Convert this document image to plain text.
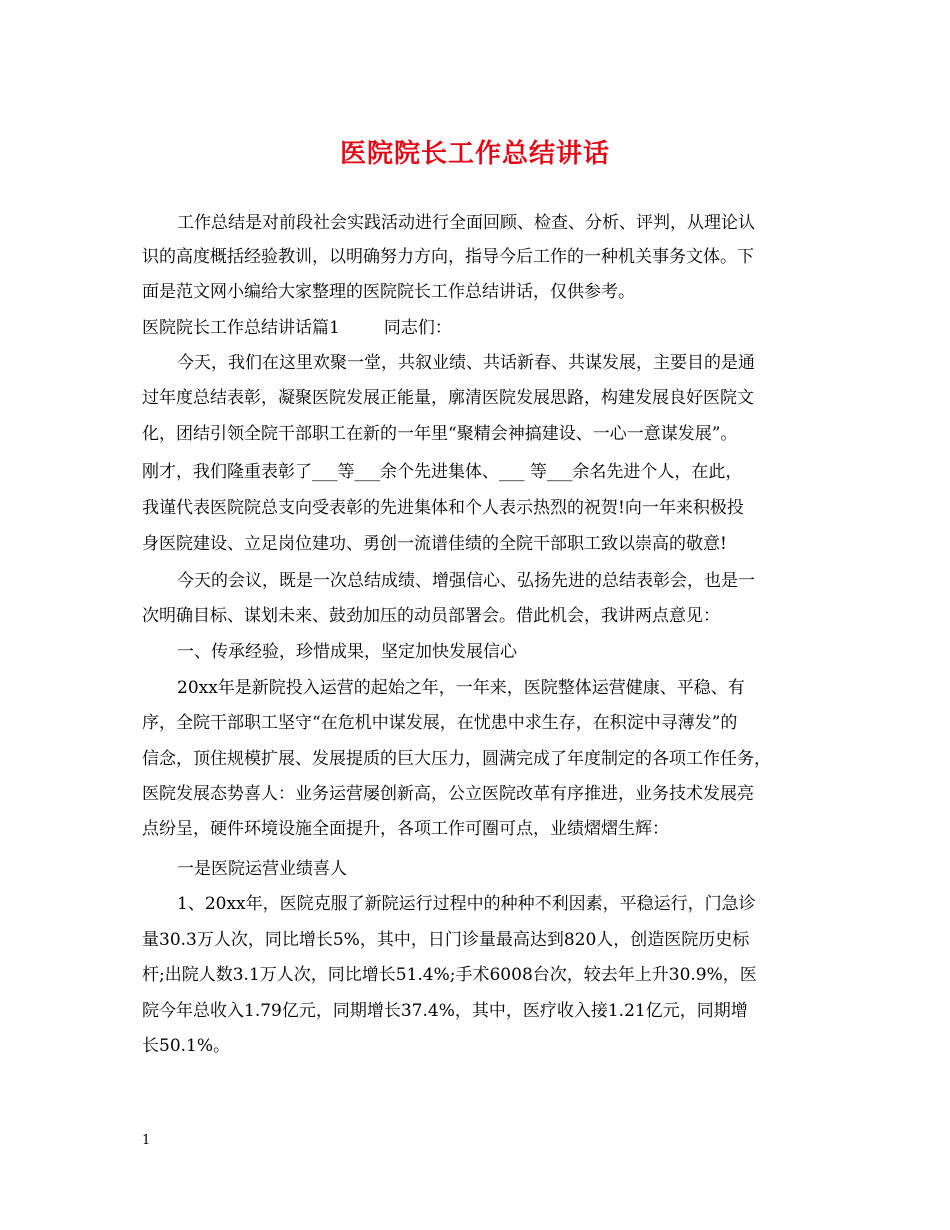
医院院长工作总结讲话
工作总结是对前段社会实践活动进行全面回顾、检查、分析、评判，从理论认
识的高度概括经验教训，以明确努力方向，指导今后工作的一种机关事务文体。下
面是范文网小编给大家整理的医院院长工作总结讲话，仅供参考。
医院院长工作总结讲话篇1	同志们：
今天，我们在这里欢聚一堂，共叙业绩、共话新春、共谋发展，主要目的是通
过年度总结表彰，凝聚医院发展正能量，廓清医院发展思路，构建发展良好医院文
化，团结引领全院干部职工在新的一年里“聚精会神搞建设、一心一意谋发展”。
刚才，我们隆重表彰了___等___余个先进集体、___ 等___余名先进个人，在此，
我谨代表医院院总支向受表彰的先进集体和个人表示热烈的祝贺!向一年来积极投
身医院建设、立足岗位建功、勇创一流谱佳绩的全院干部职工致以崇高的敬意!
今天的会议，既是一次总结成绩、增强信心、弘扬先进的总结表彰会，也是一
次明确目标、谋划未来、鼓劲加压的动员部署会。借此机会，我讲两点意见：
一、传承经验，珍惜成果，坚定加快发展信心
20xx年是新院投入运营的起始之年，一年来，医院整体运营健康、平稳、有
序，全院干部职工坚守“在危机中谋发展，在忧患中求生存，在积淀中寻薄发”的
信念，顶住规模扩展、发展提质的巨大压力，圆满完成了年度制定的各项工作任务，
医院发展态势喜人：业务运营屡创新高，公立医院改革有序推进，业务技术发展亮
点纷呈，硬件环境设施全面提升，各项工作可圈可点，业绩熠熠生辉：
一是医院运营业绩喜人
1、20xx年，医院克服了新院运行过程中的种种不利因素，平稳运行，门急诊
量30.3万人次，同比增长5%，其中，日门诊量最高达到820人，创造医院历史标
杆;出院人数3.1万人次，同比增长51.4%;手术6008台次，较去年上升30.9%，医
院今年总收入1.79亿元，同期增长37.4%，其中，医疗收入接1.21亿元，同期增
长50.1%。
1
